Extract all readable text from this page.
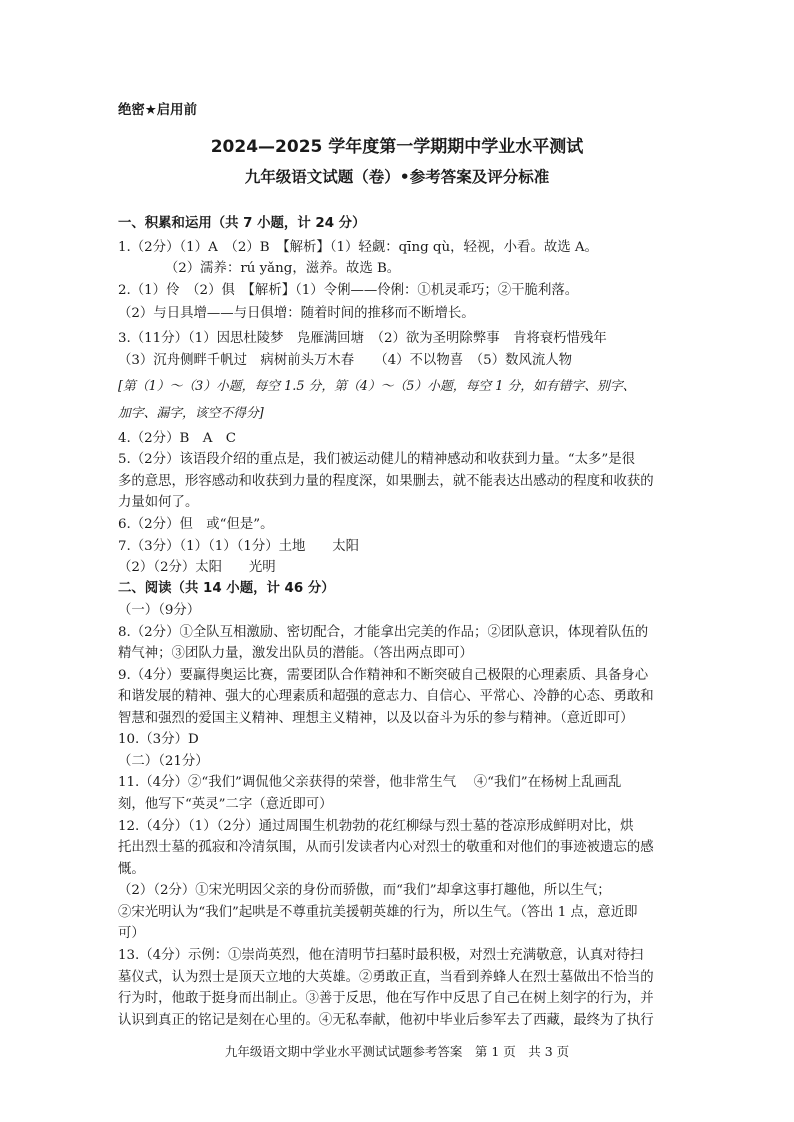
绝密★启用前
2024—2025 学年度第一学期期中学业水平测试
九年级语文试题（卷）•参考答案及评分标准
一、积累和运用（共 7 小题，计 24 分）
1.（2分）（1）A　（2）B　【解析】（1）轻觑：qīng qù，轻视，小看。故选 A。
　　　　（2）濡养：rú yǎng，滋养。故选 B。
2.（1）伶　（2）俱　【解析】（1）令俐——伶俐：①机灵乖巧；②干脆利落。
（2）与日具增——与日俱增：随着时间的推移而不断增长。
3.（11分）（1）因思杜陵梦　凫雁满回塘　（2）欲为圣明除弊事　肯将衰朽惜残年
（3）沉舟侧畔千帆过　病树前头万木春　　（4）不以物喜　（5）数风流人物
[第（1）～（3）小题，每空 1.5 分，第（4）～（5）小题，每空 1 分，如有错字、别字、
加字、漏字，该空不得分]
4.（2分）B　A　C
5.（2分）该语段介绍的重点是，我们被运动健儿的精神感动和收获到力量。“太多”是很
多的意思，形容感动和收获到力量的程度深，如果删去，就不能表达出感动的程度和收获的
力量如何了。
6.（2分）但　或“但是”。
7.（3分）（1）（1）（1分）土地　　太阳
（2）（2分）太阳　　光明
二、阅读（共 14 小题，计 46 分）
（一）（9分）
8.（2分）①全队互相激励、密切配合，才能拿出完美的作品；②团队意识，体现着队伍的
精气神；③团队力量，激发出队员的潜能。（答出两点即可）
9.（4分）要赢得奥运比赛，需要团队合作精神和不断突破自己极限的心理素质、具备身心
和谐发展的精神、强大的心理素质和超强的意志力、自信心、平常心、冷静的心态、勇敢和
智慧和强烈的爱国主义精神、理想主义精神，以及以奋斗为乐的参与精神。（意近即可）
10.（3分）D
（二）（21分）
11.（4分）②“我们”调侃他父亲获得的荣誉，他非常生气　 ④“我们”在杨树上乱画乱
刻，他写下“英灵”二字（意近即可）
12.（4分）（1）（2分）通过周围生机勃勃的花红柳绿与烈士墓的苍凉形成鲜明对比，烘
托出烈士墓的孤寂和冷清氛围，从而引发读者内心对烈士的敬重和对他们的事迹被遗忘的感
慨。
（2）（2分）①宋光明因父亲的身份而骄傲，而“我们”却拿这事打趣他，所以生气；
②宋光明认为“我们”起哄是不尊重抗美援朝英雄的行为，所以生气。（答出 1 点，意近即
可）
13.（4分）示例：①崇尚英烈，他在清明节扫墓时最积极，对烈士充满敬意，认真对待扫
墓仪式，认为烈士是顶天立地的大英雄。②勇敢正直，当看到养蜂人在烈士墓做出不恰当的
行为时，他敢于挺身而出制止。③善于反思，他在写作中反思了自己在树上刻字的行为，并
认识到真正的铭记是刻在心里的。④无私奉献，他初中毕业后参军去了西藏，最终为了执行
九年级语文期中学业水平测试试题参考答案　第 1 页　共 3 页
